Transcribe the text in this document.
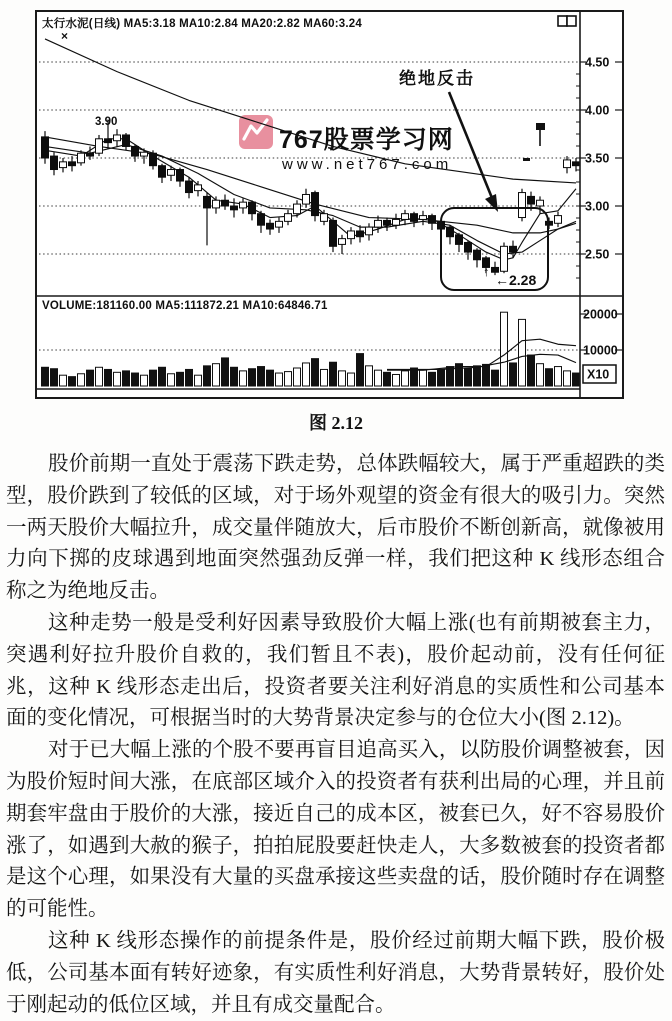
767股票学习网
www.net767.com
4.50
4.00
3.50
3.00
2.50
20000
10000
太行水泥(日线) MA5:3.18 MA10:2.84 MA20:2.82 MA60:3.24
VOLUME:181160.00 MA5:111872.21 MA10:64846.71
X10
绝地反击
↑
←2.28
3.90
×
图 2.12

股价前期一直处于震荡下跌走势，总体跌幅较大，属于严重超跌的类型，股价跌到了较低的区域，对于场外观望的资金有很大的吸引力。突然一两天股价大幅拉升，成交量伴随放大，后市股价不断创新高，就像被用力向下掷的皮球遇到地面突然强劲反弹一样，我们把这种 K 线形态组合称之为绝地反击。

这种走势一般是受利好因素导致股价大幅上涨(也有前期被套主力，突遇利好拉升股价自救的，我们暂且不表)，股价起动前，没有任何征兆，这种 K 线形态走出后，投资者要关注利好消息的实质性和公司基本面的变化情况，可根据当时的大势背景决定参与的仓位大小(图 2.12)。

对于已大幅上涨的个股不要再盲目追高买入，以防股价调整被套，因为股价短时间大涨，在底部区域介入的投资者有获利出局的心理，并且前期套牢盘由于股价的大涨，接近自己的成本区，被套已久，好不容易股价涨了，如遇到大赦的猴子，拍拍屁股要赶快走人，大多数被套的投资者都是这个心理，如果没有大量的买盘承接这些卖盘的话，股价随时存在调整的可能性。

这种 K 线形态操作的前提条件是，股价经过前期大幅下跌，股价极低，公司基本面有转好迹象，有实质性利好消息，大势背景转好，股价处于刚起动的低位区域，并且有成交量配合。
